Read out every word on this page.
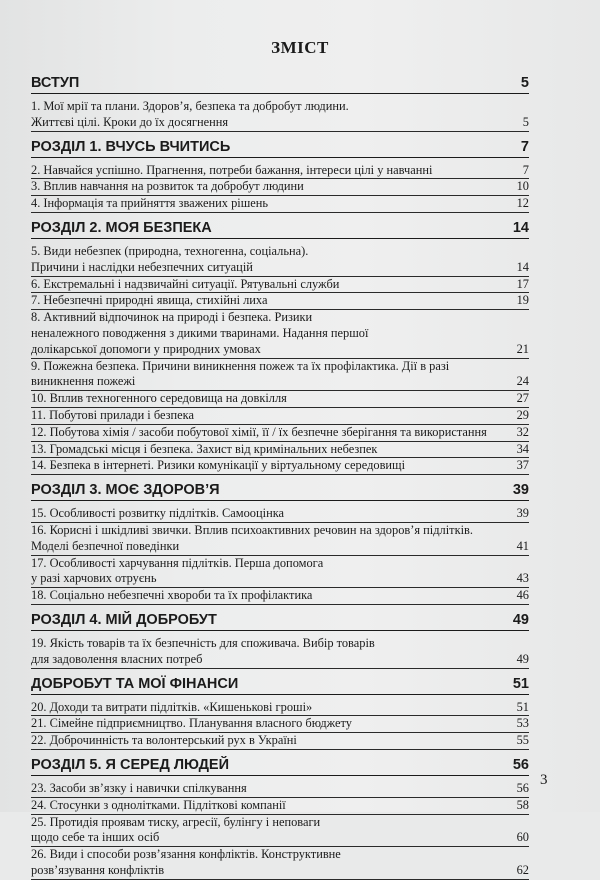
ЗМІСТ
ВСТУП	5
1. Мої мрії та плани. Здоров’я, безпека та добробут людини.
Життєві цілі. Кроки до їх досягнення	5
РОЗДІЛ 1. ВЧУСЬ ВЧИТИСЬ	7
2. Навчайся успішно. Прагнення, потреби бажання, інтереси цілі у навчанні	7
3. Вплив навчання на розвиток та добробут людини	10
4. Інформація та прийняття зважених рішень	12
РОЗДІЛ 2. МОЯ БЕЗПЕКА	14
5. Види небезпек (природна, техногенна, соціальна).
Причини і наслідки небезпечних ситуацій	14
6. Екстремальні і надзвичайні ситуації. Рятувальні служби	17
7. Небезпечні природні явища, стихійні лиха	19
8. Активний відпочинок на природі і безпека. Ризики
неналежного поводження з дикими тваринами. Надання першої
долікарської допомоги у природних умовах	21
9. Пожежна безпека. Причини виникнення пожеж та їх профілактика. Дії в разі
виникнення пожежі	24
10. Вплив техногенного середовища на довкілля	27
11. Побутові прилади і безпека	29
12. Побутова хімія / засоби побутової хімії, її / їх безпечне зберігання та використання	32
13. Громадські місця і безпека. Захист від кримінальних небезпек	34
14. Безпека в інтернеті. Ризики комунікації у віртуальному середовищі	37
РОЗДІЛ 3. МОЄ ЗДОРОВ’Я	39
15. Особливості розвитку підлітків. Самооцінка	39
16. Корисні і шкідливі звички. Вплив психоактивних речовин на здоров’я підлітків.
Моделі безпечної поведінки	41
17. Особливості харчування підлітків. Перша допомога
у разі харчових отруєнь	43
18. Соціально небезпечні хвороби та їх профілактика	46
РОЗДІЛ 4. МІЙ ДОБРОБУТ	49
19. Якість товарів та їх безпечність для споживача. Вибір товарів
для задоволення власних потреб	49
ДОБРОБУТ ТА МОЇ ФІНАНСИ	51
20. Доходи та витрати підлітків. «Кишенькові гроші»	51
21. Сімейне підприємництво. Планування власного бюджету	53
22. Доброчинність та волонтерський рух в Україні	55
РОЗДІЛ 5. Я СЕРЕД ЛЮДЕЙ	56
23. Засоби зв’язку і навички спілкування	56
24. Стосунки з однолітками. Підліткові компанії	58
25. Протидія проявам тиску, агресії, булінгу і неповаги
щодо себе та інших осіб	60
26. Види і способи розв’язання конфліктів. Конструктивне
розв’язування конфліктів	62
3
